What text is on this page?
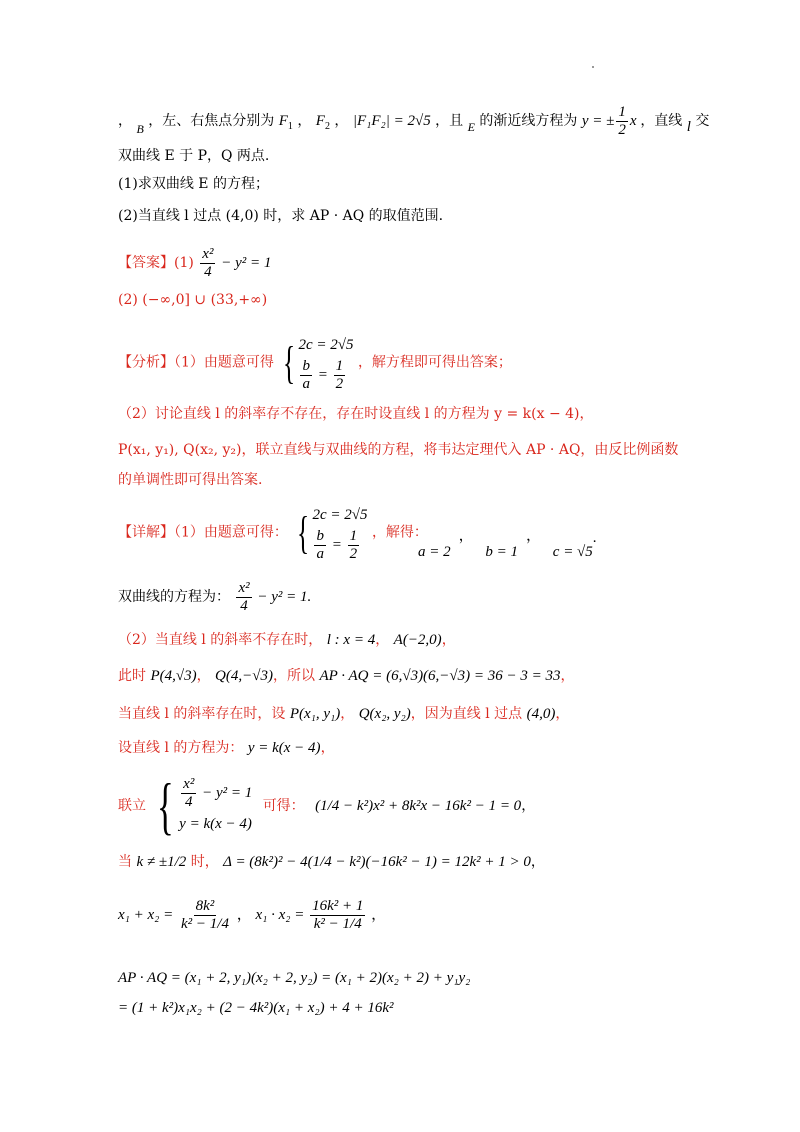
， B ，左、右焦点分别为 $F_1$ ， $F_2$ ， |F₁F₂| = 2√5 ，且 E 的渐近线方程为 y = ± $\frac{1}{2}$ x ，直线 l 交
双曲线 E 于 P，Q 两点.
(1)求双曲线 E 的方程；
(2)当直线 l 过点 (4,0) 时，求 AP · AQ 的取值范围.
【答案】$(1) \frac{\text{x²}}{4} - y^2 = 1$
(2) (−∞,0] ∪ (33,+∞)
【分析】（1）由题意可得 { 2c = 2√5
$\frac{b}{a} = \frac{1}{2}$ ，解方程即可得出答案；
（2）讨论直线 l 的斜率存不存在，存在时设直线 l 的方程为 y = k(x − 4)，
P(x₁, y₁), Q(x₂, y₂)，联立直线与双曲线的方程，将韦达定理代入 AP · AQ，由反比例函数
的单调性即可得出答案.
【详解】（1）由题意可得： { 2c = 2√5
$\frac{b}{a} = \frac{1}{2}$ ，解得：
a = 2， b = 1， c = √5.
双曲线的方程为： $\frac{\text{x²}}{4} - y^2 = 1$.
（2）当直线 l 的斜率不存在时， l : x = 4， A(−2,0)，
此时 P(4,√3)， Q(4,−√3)，所以 AP · AQ = (6,√3)(6,−√3) = 36 − 3 = 33，
当直线 l 的斜率存在时，设 P(x₁, y₁)， Q(x₂, y₂)，因为直线 l 过点 (4,0)，
设直线 l 的方程为： y = k(x − 4)，
联立 { $\frac{\text{x²}}{4} - y^2 = 1$
y = k(x − 4)
可得： (1/4 − k²)x² + 8k²x − 16k² − 1 = 0，
当 k ≠ ±1/2 时， Δ = (8k²)² − 4(1/4 − k²)(−16k² − 1) = 12k² + 1 > 0，
$x_1 + x_2 = \frac{\text{8k²}}{\text{k² − 1/4}}$ ， $x_1 \cdot x_2 = \frac{\text{16k² + 1}}{\text{k² − 1/4}}$ ，
AP · AQ = (x₁ + 2, y₁)(x₂ + 2, y₂) = (x₁ + 2)(x₂ + 2) + y₁y₂
= (1 + k²)x₁x₂ + (2 − 4k²)(x₁ + x₂) + 4 + 16k²
